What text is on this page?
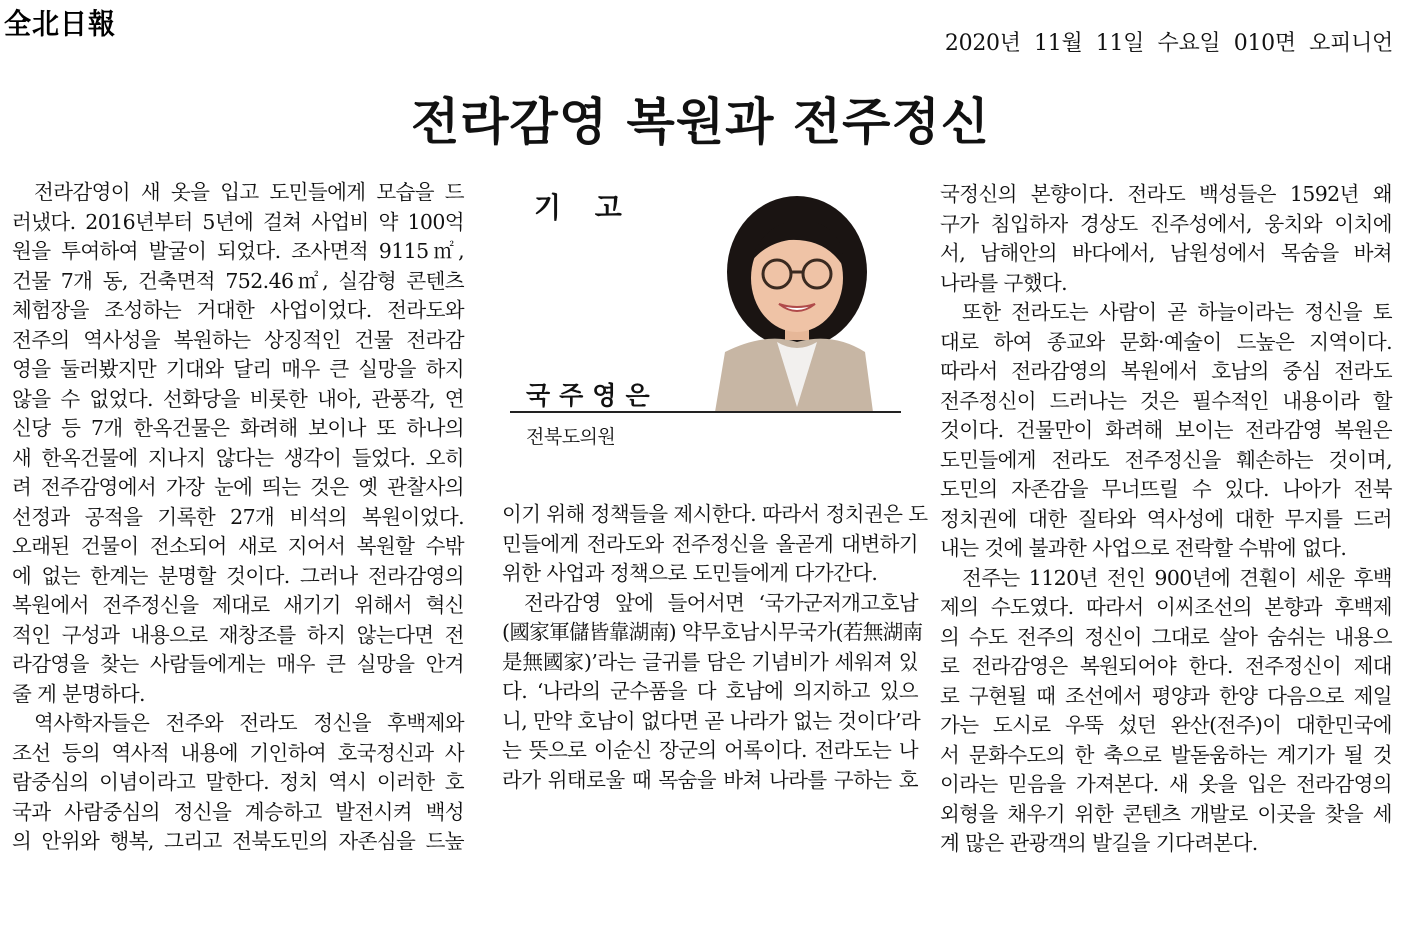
全北日報
2020년  11월  11일  수요일  010면  오피니언
전라감영 복원과 전주정신
전라감영이 새 옷을 입고 도민들에게 모습을 드
러냈다. 2016년부터 5년에 걸쳐 사업비 약 100억
원을 투여하여 발굴이 되었다. 조사면적 9115㎡,
건물 7개 동, 건축면적 752.46㎡, 실감형 콘텐츠
체험장을 조성하는 거대한 사업이었다. 전라도와
전주의 역사성을 복원하는 상징적인 건물 전라감
영을 둘러봤지만 기대와 달리 매우 큰 실망을 하지
않을 수 없었다. 선화당을 비롯한 내아, 관풍각, 연
신당 등 7개 한옥건물은 화려해 보이나 또 하나의
새 한옥건물에 지나지 않다는 생각이 들었다. 오히
려 전주감영에서 가장 눈에 띄는 것은 옛 관찰사의
선정과 공적을 기록한 27개 비석의 복원이었다.
오래된 건물이 전소되어 새로 지어서 복원할 수밖
에 없는 한계는 분명할 것이다. 그러나 전라감영의
복원에서 전주정신을 제대로 새기기 위해서 혁신
적인 구성과 내용으로 재창조를 하지 않는다면 전
라감영을 찾는 사람들에게는 매우 큰 실망을 안겨
줄 게 분명하다.
역사학자들은 전주와 전라도 정신을 후백제와
조선 등의 역사적 내용에 기인하여 호국정신과 사
람중심의 이념이라고 말한다. 정치 역시 이러한 호
국과 사람중심의 정신을 계승하고 발전시켜 백성
의 안위와 행복, 그리고 전북도민의 자존심을 드높
기 고
국주영은
전북도의원
이기 위해 정책들을 제시한다. 따라서 정치권은 도
민들에게 전라도와 전주정신을 올곧게 대변하기
위한 사업과 정책으로 도민들에게 다가간다.
전라감영 앞에 들어서면 ‘국가군저개고호남
(國家軍儲皆靠湖南) 약무호남시무국가(若無湖南
是無國家)’라는 글귀를 담은 기념비가 세워져 있
다. ‘나라의 군수품을 다 호남에 의지하고 있으
니, 만약 호남이 없다면 곧 나라가 없는 것이다’라
는 뜻으로 이순신 장군의 어록이다. 전라도는 나
라가 위태로울 때 목숨을 바쳐 나라를 구하는 호
국정신의 본향이다. 전라도 백성들은 1592년 왜
구가 침입하자 경상도 진주성에서, 웅치와 이치에
서, 남해안의 바다에서, 남원성에서 목숨을 바쳐
나라를 구했다.
또한 전라도는 사람이 곧 하늘이라는 정신을 토
대로 하여 종교와 문화·예술이 드높은 지역이다.
따라서 전라감영의 복원에서 호남의 중심 전라도
전주정신이 드러나는 것은 필수적인 내용이라 할
것이다. 건물만이 화려해 보이는 전라감영 복원은
도민들에게 전라도 전주정신을 훼손하는 것이며,
도민의 자존감을 무너뜨릴 수 있다. 나아가 전북
정치권에 대한 질타와 역사성에 대한 무지를 드러
내는 것에 불과한 사업으로 전락할 수밖에 없다.
전주는 1120년 전인 900년에 견훤이 세운 후백
제의 수도였다. 따라서 이씨조선의 본향과 후백제
의 수도 전주의 정신이 그대로 살아 숨쉬는 내용으
로 전라감영은 복원되어야 한다. 전주정신이 제대
로 구현될 때 조선에서 평양과 한양 다음으로 제일
가는 도시로 우뚝 섰던 완산(전주)이 대한민국에
서 문화수도의 한 축으로 발돋움하는 계기가 될 것
이라는 믿음을 가져본다. 새 옷을 입은 전라감영의
외형을 채우기 위한 콘텐츠 개발로 이곳을 찾을 세
계 많은 관광객의 발길을 기다려본다.
